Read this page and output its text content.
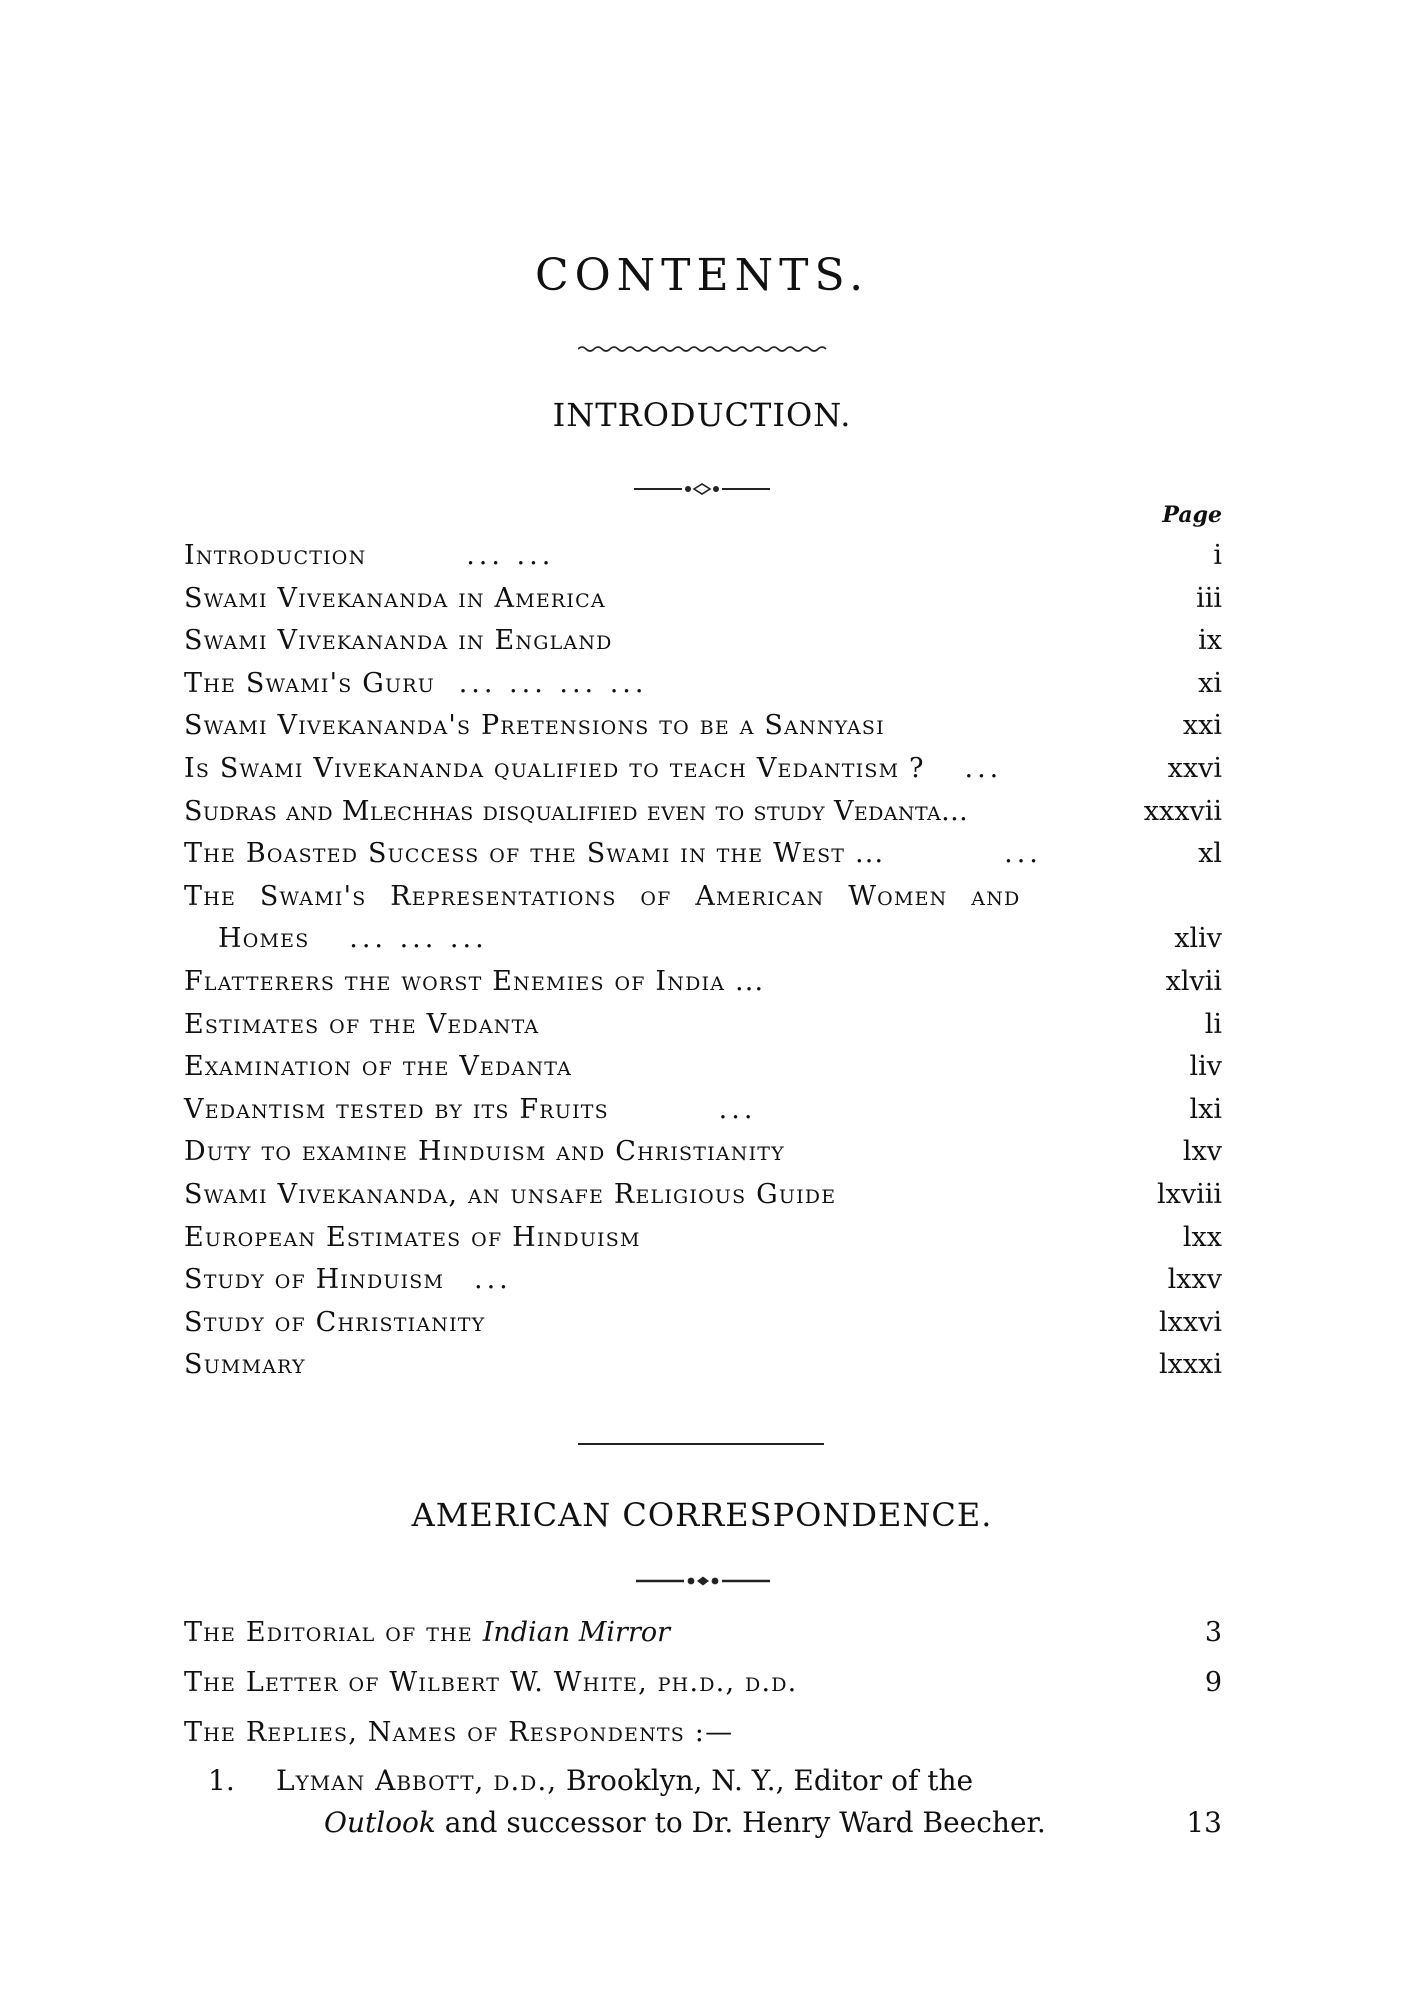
CONTENTS.
INTRODUCTION.
Page
Introduction	... ...	i
Swami Vivekananda in America	iii
Swami Vivekananda in England	ix
The Swami's Guru ... ... ... ...	xi
Swami Vivekananda's Pretensions to be a Sannyasi	xxi
Is Swami Vivekananda qualified to teach Vedantism ? ...	xxvi
Sudras and Mlechhas disqualified even to study Vedanta...	xxxvii
The Boasted Success of the Swami in the West ...	...	xl
The Swami's Representations of American Women and
Homes ... ... ...	xliv
Flatterers the worst Enemies of India ...	xlvii
Estimates of the Vedanta	li
Examination of the Vedanta	liv
Vedantism tested by its Fruits	...	lxi
Duty to examine Hinduism and Christianity	lxv
Swami Vivekananda, an unsafe Religious Guide	lxviii
European Estimates of Hinduism	lxx
Study of Hinduism ...	lxxv
Study of Christianity	lxxvi
Summary	lxxxi
AMERICAN CORRESPONDENCE.
The Editorial of the Indian Mirror	3
The Letter of Wilbert W. White, ph.d., d.d.	9
The Replies, Names of Respondents :—
1. Lyman Abbott, d.d., Brooklyn, N. Y., Editor of the
Outlook and successor to Dr. Henry Ward Beecher.	13
